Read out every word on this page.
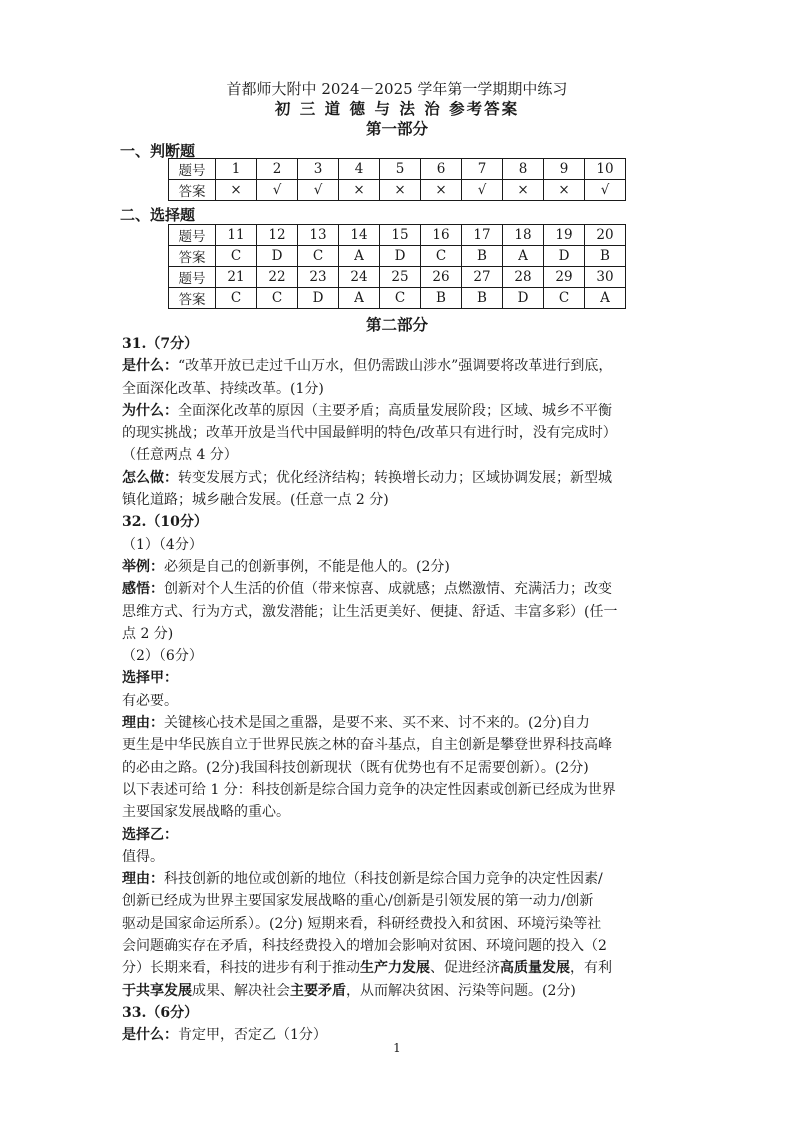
首都师大附中 2024－2025 学年第一学期期中练习
初 三 道 德 与 法 治 参考答案
第一部分
一、判断题
题号	1	2	3	4	5	6	7	8	9	10
答案	×	√	√	×	×	×	√	×	×	√
二、选择题
题号	11	12	13	14	15	16	17	18	19	20
答案	C	D	C	A	D	C	B	A	D	B
题号	21	22	23	24	25	26	27	28	29	30
答案	C	C	D	A	C	B	B	D	C	A
第二部分
31.（7分）
是什么：“改革开放已走过千山万水，但仍需跋山涉水”强调要将改革进行到底，
全面深化改革、持续改革。(1分)
为什么：全面深化改革的原因（主要矛盾；高质量发展阶段；区域、城乡不平衡
的现实挑战；改革开放是当代中国最鲜明的特色/改革只有进行时，没有完成时）
（任意两点 4 分）
怎么做：转变发展方式；优化经济结构；转换增长动力；区域协调发展；新型城
镇化道路；城乡融合发展。(任意一点 2 分)
32.（10分）
（1）（4分）
举例：必须是自己的创新事例，不能是他人的。(2分)
感悟：创新对个人生活的价值（带来惊喜、成就感；点燃激情、充满活力；改变
思维方式、行为方式，激发潜能；让生活更美好、便捷、舒适、丰富多彩）(任一
点 2 分)
（2）（6分）
选择甲：
有必要。
理由：关键核心技术是国之重器，是要不来、买不来、讨不来的。(2分)自力
更生是中华民族自立于世界民族之林的奋斗基点，自主创新是攀登世界科技高峰
的必由之路。(2分)我国科技创新现状（既有优势也有不足需要创新）。(2分)
以下表述可给 1 分：科技创新是综合国力竞争的决定性因素或创新已经成为世界
主要国家发展战略的重心。
选择乙：
值得。
理由：科技创新的地位或创新的地位（科技创新是综合国力竞争的决定性因素/
创新已经成为世界主要国家发展战略的重心/创新是引领发展的第一动力/创新
驱动是国家命运所系）。(2分) 短期来看，科研经费投入和贫困、环境污染等社
会问题确实存在矛盾，科技经费投入的增加会影响对贫困、环境问题的投入（2
分）长期来看，科技的进步有利于推动生产力发展、促进经济高质量发展，有利
于共享发展成果、解决社会主要矛盾，从而解决贫困、污染等问题。(2分)
33.（6分）
是什么：肯定甲，否定乙（1分）
1
